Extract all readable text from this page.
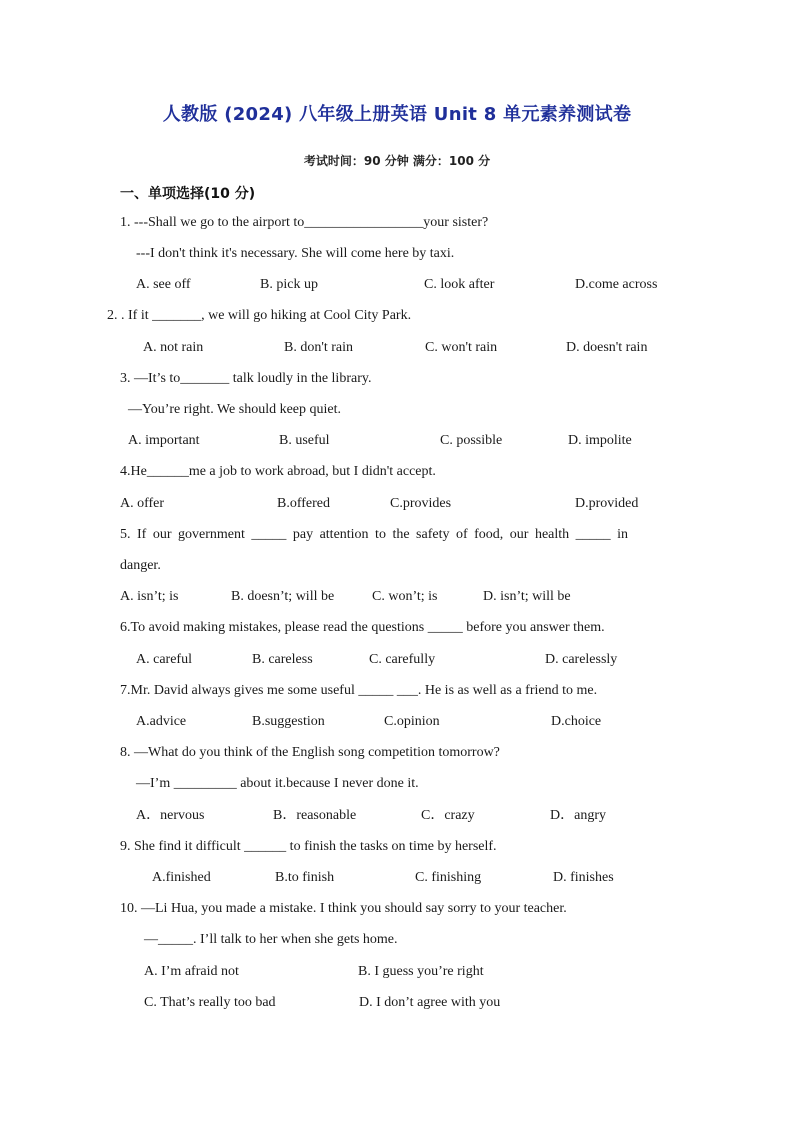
人教版 (2024) 八年级上册英语 Unit 8 单元素养测试卷
考试时间：90 分钟 满分：100 分
一、单项选择(10 分)
1. ---Shall we go to the airport to_________________your sister?
---I don't think it's necessary. She will come here by taxi.
A. see off	B. pick up	C. look after	D.come across
2. . If it _______, we will go hiking at Cool City Park.
A. not rain	B. don't rain	C. won't rain	D. doesn't rain
3. —It’s to_______ talk loudly in the library.
—You’re right. We should keep quiet.
A. important	B. useful	C. possible	D. impolite
4.He______me a job to work abroad, but I didn't accept.
A. offer	B.offered	C.provides	D.provided
5. If our government _____ pay attention to the safety of food, our health _____ in
danger.
A. isn’t; is	B. doesn’t; will be	C. won’t; is	D. isn’t; will be
6.To avoid making mistakes, please read the questions _____ before you answer them.
A. careful	B. careless	C. carefully	D. carelessly
7.Mr. David always gives me some useful _____ ___. He is as well as a friend to me.
A.advice	B.suggestion	C.opinion	D.choice
8. —What do you think of the English song competition tomorrow?
—I’m _________ about it.because I never done it.
A．nervous	B．reasonable	C．crazy	D．angry
9. She find it difficult ______ to finish the tasks on time by herself.
A.finished	B.to finish	C. finishing	D. finishes
10. —Li Hua, you made a mistake. I think you should say sorry to your teacher.
—_____. I’ll talk to her when she gets home.
A. I’m afraid not	B. I guess you’re right
C. That’s really too bad	D. I don’t agree with you
